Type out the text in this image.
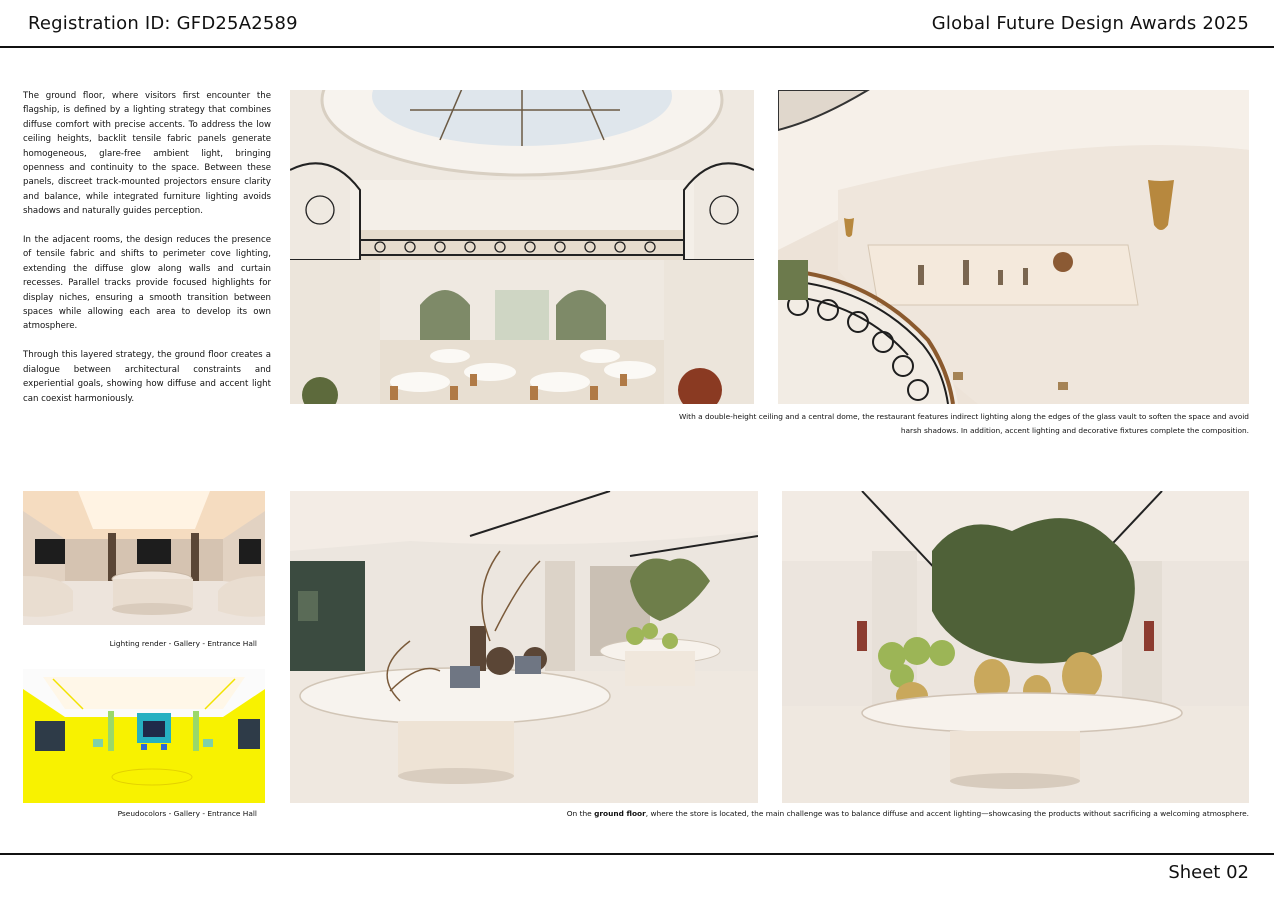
Registration ID: GFD25A2589	Global Future Design Awards 2025

The ground floor, where visitors first encounter the flagship, is defined by a lighting strategy that combines diffuse comfort with precise accents. To address the low ceiling heights, backlit tensile fabric panels generate homogeneous, glare-free ambient light, bringing openness and continuity to the space. Between these panels, discreet track-mounted projectors ensure clarity and balance, while integrated furniture lighting avoids shadows and naturally guides perception.

In the adjacent rooms, the design reduces the presence of tensile fabric and shifts to perimeter cove lighting, extending the diffuse glow along walls and curtain recesses. Parallel tracks provide focused highlights for display niches, ensuring a smooth transition between spaces while allowing each area to develop its own atmosphere.

Through this layered strategy, the ground floor creates a dialogue between architectural constraints and experiential goals, showing how diffuse and accent light can coexist harmoniously.

With a double-height ceiling and a central dome, the restaurant features indirect lighting along the edges of the glass vault to soften the space and avoid harsh shadows. In addition, accent lighting and decorative fixtures complete the composition.
Lighting render - Gallery - Entrance Hall
Pseudocolors - Gallery - Entrance Hall	On the ground floor, where the store is located, the main challenge was to balance diffuse and accent lighting—showcasing the products without sacrificing a welcoming atmosphere.
Sheet 02
